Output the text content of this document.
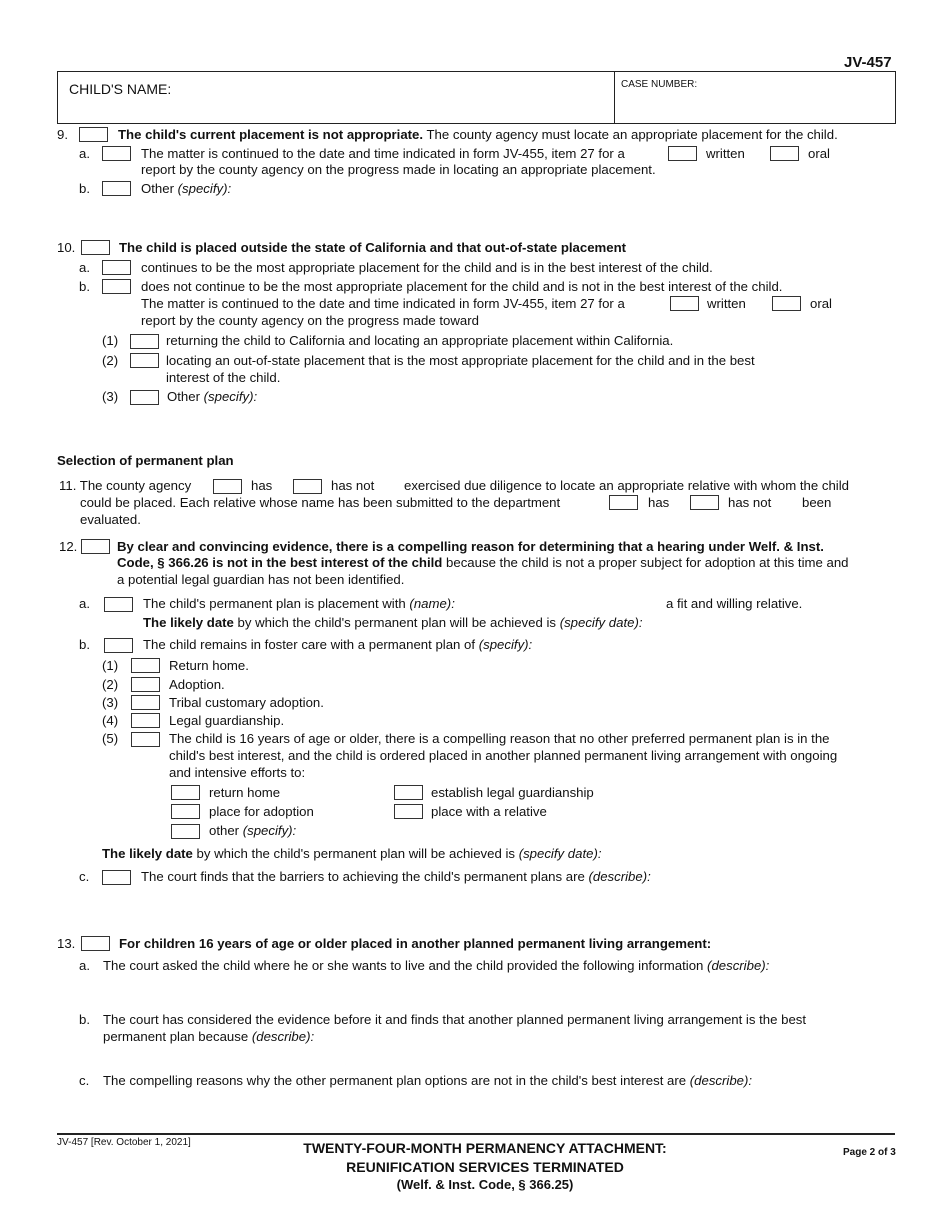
JV-457
CHILD'S NAME:	CASE NUMBER:
9.	The child's current placement is not appropriate. The county agency must locate an appropriate placement for the child.
a.	The matter is continued to the date and time indicated in form JV-455, item 27 for a	written	oral
report by the county agency on the progress made in locating an appropriate placement.
b.	Other (specify):
10.	The child is placed outside the state of California and that out-of-state placement
a.	continues to be the most appropriate placement for the child and is in the best interest of the child.
b.	does not continue to be the most appropriate placement for the child and is not in the best interest of the child.
The matter is continued to the date and time indicated in form JV-455, item 27 for a	written	oral
report by the county agency on the progress made toward
(1)	returning the child to California and locating an appropriate placement within California.
(2)	locating an out-of-state placement that is the most appropriate placement for the child and in the best
interest of the child.
(3)	Other (specify):
Selection of permanent plan
11. The county agency	has	has not exercised due diligence to locate an appropriate relative with whom the child
could be placed. Each relative whose name has been submitted to the department	has	has not been
evaluated.
12.	By clear and convincing evidence, there is a compelling reason for determining that a hearing under Welf. & Inst.
Code, § 366.26 is not in the best interest of the child because the child is not a proper subject for adoption at this time and
a potential legal guardian has not been identified.
a.	The child's permanent plan is placement with (name):	a fit and willing relative.
The likely date by which the child's permanent plan will be achieved is (specify date):
b.	The child remains in foster care with a permanent plan of (specify):
(1)	Return home.
(2)	Adoption.
(3)	Tribal customary adoption.
(4)	Legal guardianship.
(5)	The child is 16 years of age or older, there is a compelling reason that no other preferred permanent plan is in the
child's best interest, and the child is ordered placed in another planned permanent living arrangement with ongoing
and intensive efforts to:
return home	establish legal guardianship
place for adoption	place with a relative
other (specify):
The likely date by which the child's permanent plan will be achieved is (specify date):
c.	The court finds that the barriers to achieving the child's permanent plans are (describe):
13.	For children 16 years of age or older placed in another planned permanent living arrangement:
a. The court asked the child where he or she wants to live and the child provided the following information (describe):
b. The court has considered the evidence before it and finds that another planned permanent living arrangement is the best
permanent plan because (describe):
c. The compelling reasons why the other permanent plan options are not in the child's best interest are (describe):
JV-457 [Rev. October 1, 2021]	TWENTY-FOUR-MONTH PERMANENCY ATTACHMENT:
REUNIFICATION SERVICES TERMINATED
(Welf. & Inst. Code, § 366.25)
Page 2 of 3
